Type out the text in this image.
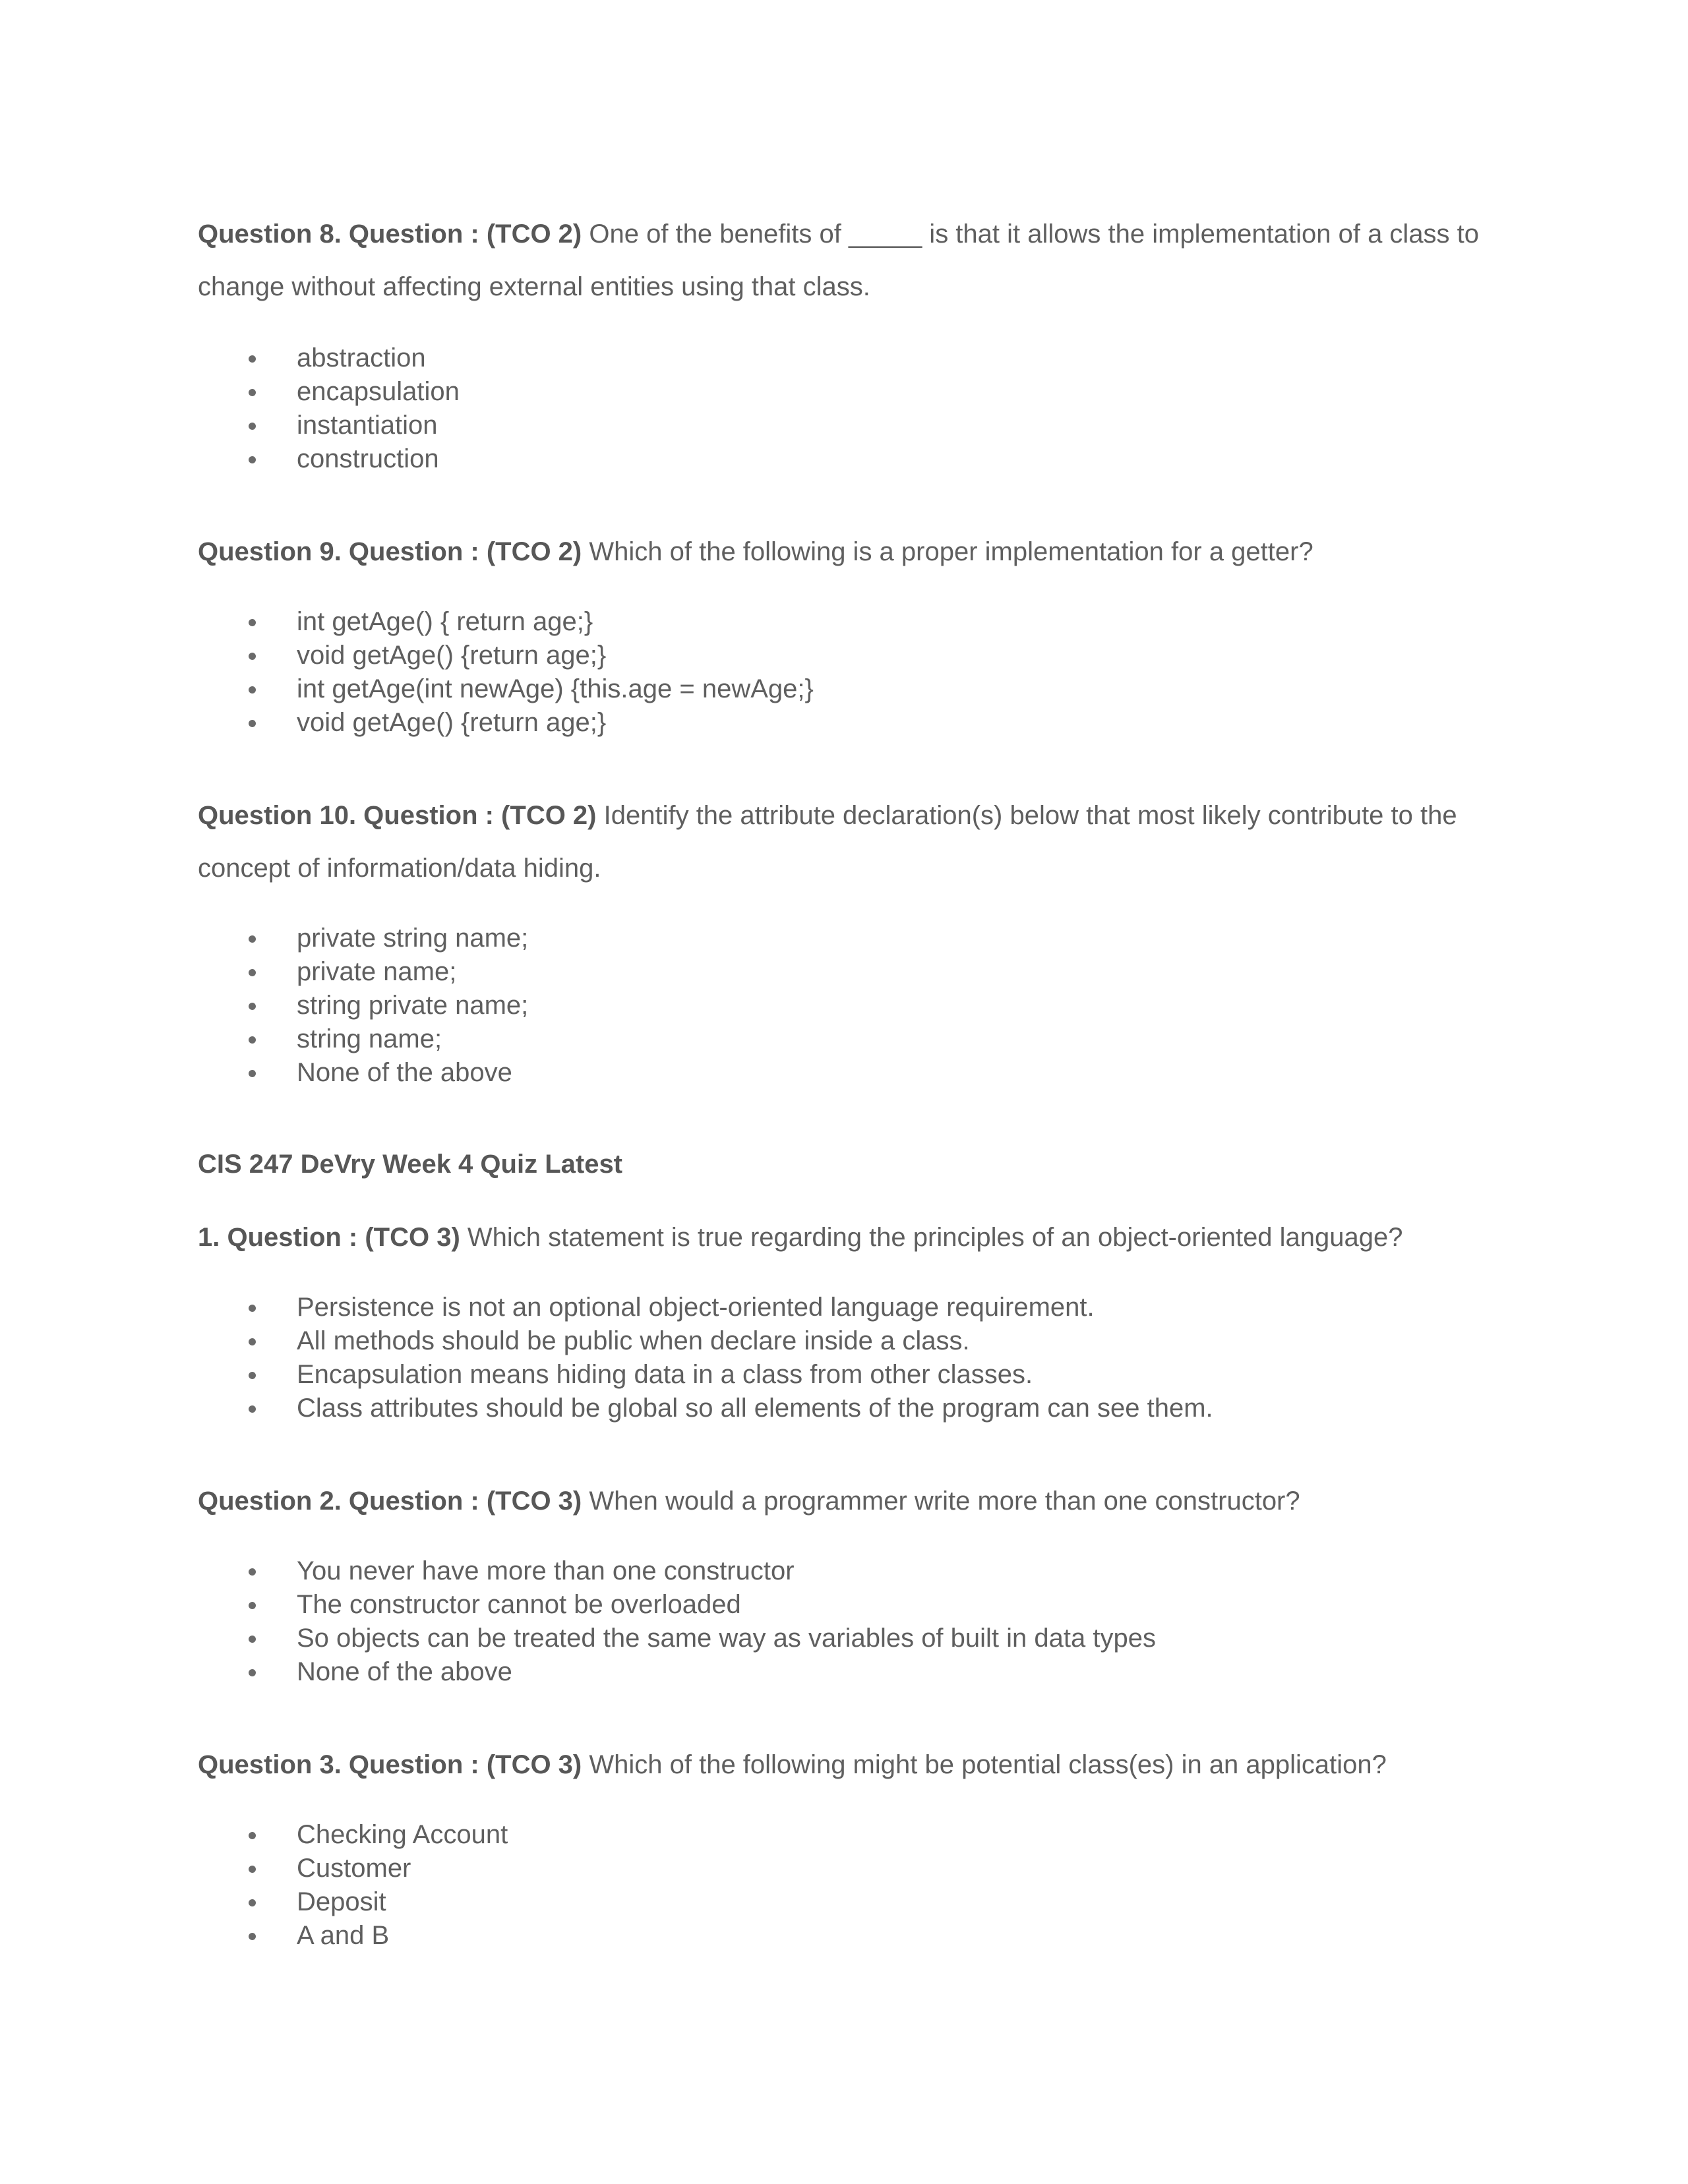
Question 8. Question : (TCO 2) One of the benefits of _____ is that it allows the implementation of a class to change without affecting external entities using that class.

abstraction
encapsulation
instantiation
construction

Question 9. Question : (TCO 2) Which of the following is a proper implementation for a getter?

int getAge() { return age;}
void getAge() {return age;}
int getAge(int newAge) {this.age = newAge;}
void getAge() {return age;}

Question 10. Question : (TCO 2) Identify the attribute declaration(s) below that most likely contribute to the concept of information/data hiding.

private string name;
private name;
string private name;
string name;
None of the above

CIS 247 DeVry Week 4 Quiz Latest

1. Question : (TCO 3) Which statement is true regarding the principles of an object-oriented language?

Persistence is not an optional object-oriented language requirement.
All methods should be public when declare inside a class.
Encapsulation means hiding data in a class from other classes.
Class attributes should be global so all elements of the program can see them.

Question 2. Question : (TCO 3) When would a programmer write more than one constructor?

You never have more than one constructor
The constructor cannot be overloaded
So objects can be treated the same way as variables of built in data types
None of the above

Question 3. Question : (TCO 3) Which of the following might be potential class(es) in an application?

Checking Account
Customer
Deposit
A and B
